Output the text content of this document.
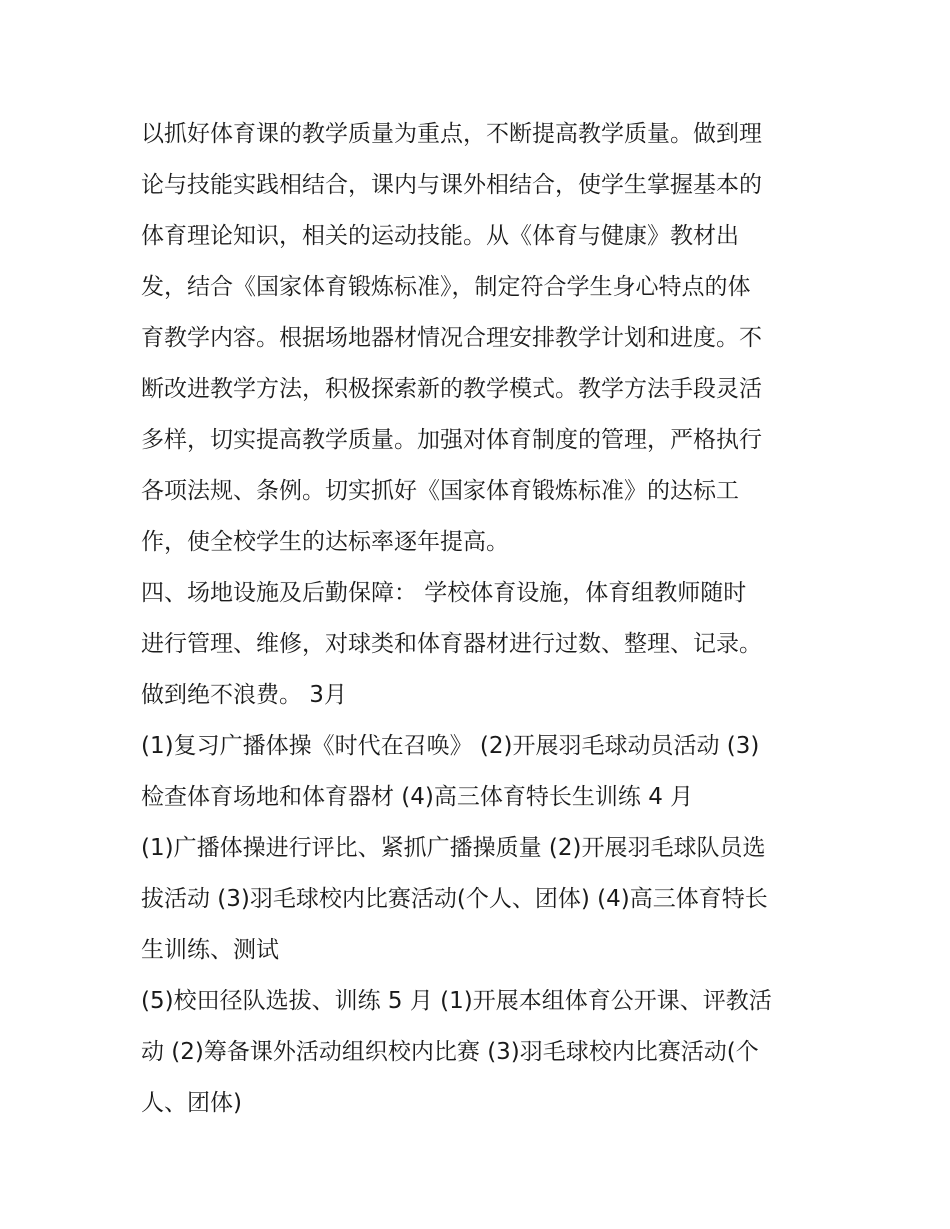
以抓好体育课的教学质量为重点，不断提高教学质量。做到理
论与技能实践相结合，课内与课外相结合，使学生掌握基本的
体育理论知识，相关的运动技能。从《体育与健康》教材出
发，结合《国家体育锻炼标准》，制定符合学生身心特点的体
育教学内容。根据场地器材情况合理安排教学计划和进度。不
断改进教学方法，积极探索新的教学模式。教学方法手段灵活
多样，切实提高教学质量。加强对体育制度的管理，严格执行
各项法规、条例。切实抓好《国家体育锻炼标准》的达标工
作，使全校学生的达标率逐年提高。
四、场地设施及后勤保障： 学校体育设施，体育组教师随时
进行管理、维修，对球类和体育器材进行过数、整理、记录。
做到绝不浪费。 3月
(1)复习广播体操《时代在召唤》 (2)开展羽毛球动员活动 (3)
检查体育场地和体育器材 (4)高三体育特长生训练 4 月
(1)广播体操进行评比、紧抓广播操质量 (2)开展羽毛球队员选
拔活动 (3)羽毛球校内比赛活动(个人、团体) (4)高三体育特长
生训练、测试
(5)校田径队选拔、训练 5 月 (1)开展本组体育公开课、评教活
动 (2)筹备课外活动组织校内比赛 (3)羽毛球校内比赛活动(个
人、团体)
